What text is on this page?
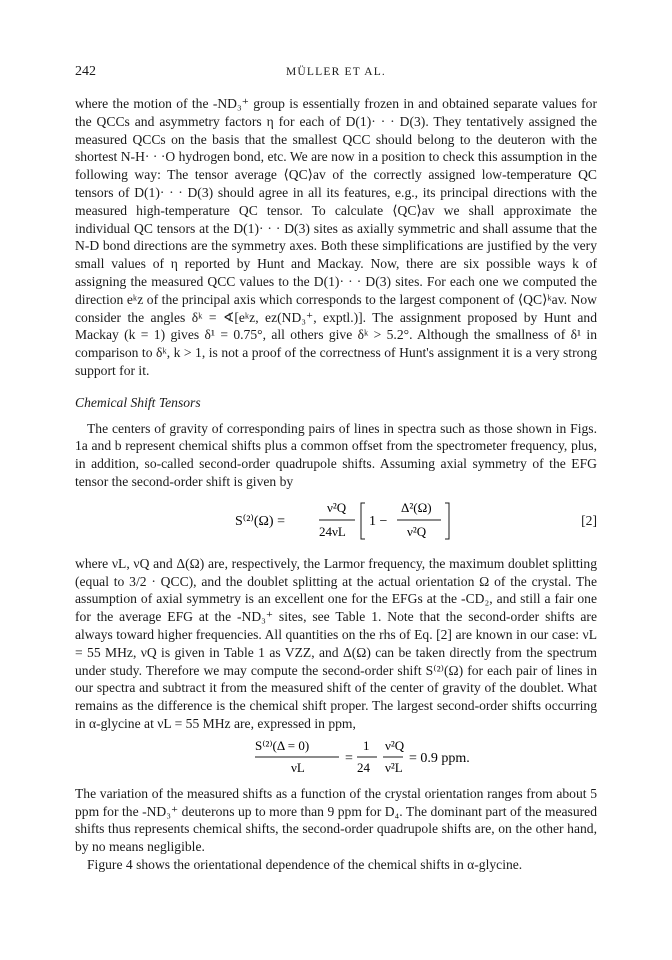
242	MÜLLER ET AL.

where the motion of the -ND₃⁺ group is essentially frozen in and obtained separate values for the QCCs and asymmetry factors η for each of D(1)· · · D(3). They tentatively assigned the measured QCCs on the basis that the smallest QCC should belong to the deuteron with the shortest N-H· · ·O hydrogen bond, etc. We are now in a position to check this assumption in the following way: The tensor average ⟨QC⟩av of the correctly assigned low-temperature QC tensors of D(1)· · · D(3) should agree in all its features, e.g., its principal directions with the measured high-temperature QC tensor. To calculate ⟨QC⟩av we shall approximate the individual QC tensors at the D(1)· · · D(3) sites as axially symmetric and shall assume that the N-D bond directions are the symmetry axes. Both these simplifications are justified by the very small values of η reported by Hunt and Mackay. Now, there are six possible ways k of assigning the measured QCC values to the D(1)· · · D(3) sites. For each one we computed the direction eᵏz of the principal axis which corresponds to the largest component of ⟨QC⟩ᵏav. Now consider the angles δᵏ = ∢[eᵏz, ez(ND₃⁺, exptl.)]. The assignment proposed by Hunt and Mackay (k = 1) gives δ¹ = 0.75°, all others give δᵏ > 5.2°. Although the smallness of δ¹ in comparison to δᵏ, k > 1, is not a proof of the correctness of Hunt's assignment it is a very strong support for it.

Chemical Shift Tensors

The centers of gravity of corresponding pairs of lines in spectra such as those shown in Figs. 1a and b represent chemical shifts plus a common offset from the spectrometer frequency, plus, in addition, so-called second-order quadrupole shifts. Assuming axial symmetry of the EFG tensor the second-order shift is given by

S⁽²⁾(Ω) =
ν²Q
24νL
1 −
Δ²(Ω)
ν²Q
[2]

where νL, νQ and Δ(Ω) are, respectively, the Larmor frequency, the maximum doublet splitting (equal to 3/2 · QCC), and the doublet splitting at the actual orientation Ω of the crystal. The assumption of axial symmetry is an excellent one for the EFGs at the -CD₂, and still a fair one for the average EFG at the -ND₃⁺ sites, see Table 1. Note that the second-order shifts are always toward higher frequencies. All quantities on the rhs of Eq. [2] are known in our case: νL = 55 MHz, νQ is given in Table 1 as VZZ, and Δ(Ω) can be taken directly from the spectrum under study. Therefore we may compute the second-order shift S⁽²⁾(Ω) for each pair of lines in our spectra and subtract it from the measured shift of the center of gravity of the doublet. What remains as the difference is the chemical shift proper. The largest second-order shifts occurring in α-glycine at νL = 55 MHz are, expressed in ppm,

S⁽²⁾(Δ = 0)
νL
=
1
24
ν²Q
ν²L
= 0.9 ppm.

The variation of the measured shifts as a function of the crystal orientation ranges from about 5 ppm for the -ND₃⁺ deuterons up to more than 9 ppm for D₄. The dominant part of the measured shifts thus represents chemical shifts, the second-order quadrupole shifts are, on the other hand, by no means negligible.

Figure 4 shows the orientational dependence of the chemical shifts in α-glycine.
